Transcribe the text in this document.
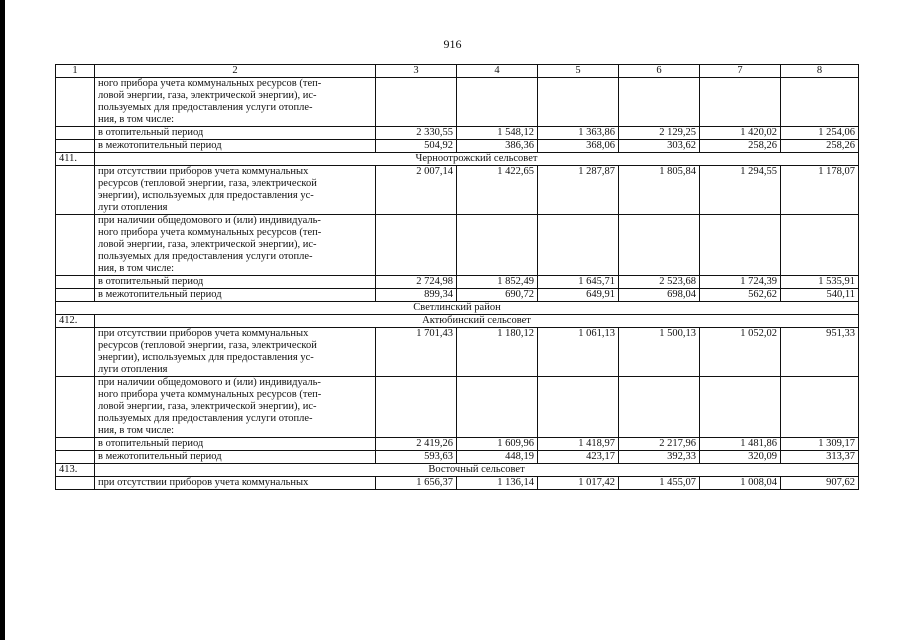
916
1	2	3	4	5	6	7	8

	ного прибора учета коммунальных ресурсов (теп-
ловой энергии, газа, электрической энергии), ис-
пользуемых для предоставления услуги отопле-
ния, в том числе:						

	в отопительный период	2 330,55	1 548,12	1 363,86	2 129,25	1 420,02	1 254,06

	в межотопительный период	504,92	386,36	368,06	303,62	258,26	258,26
411.	Черноотрожский сельсовет						

	при отсутствии приборов учета коммунальных
ресурсов (тепловой энергии, газа, электрической
энергии), используемых для предоставления ус-
луги отопления	2 007,14	1 422,65	1 287,87	1 805,84	1 294,55	1 178,07

	при наличии общедомового и (или) индивидуаль-
ного прибора учета коммунальных ресурсов (теп-
ловой энергии, газа, электрической энергии), ис-
пользуемых для предоставления услуги отопле-
ния, в том числе:						

	в отопительный период	2 724,98	1 852,49	1 645,71	2 523,68	1 724,39	1 535,91

	в межотопительный период	899,34	690,72	649,91	698,04	562,62	540,11
Светлинский район							
412.	Актюбинский сельсовет						

	при отсутствии приборов учета коммунальных
ресурсов (тепловой энергии, газа, электрической
энергии), используемых для предоставления ус-
луги отопления	1 701,43	1 180,12	1 061,13	1 500,13	1 052,02	951,33

	при наличии общедомового и (или) индивидуаль-
ного прибора учета коммунальных ресурсов (теп-
ловой энергии, газа, электрической энергии), ис-
пользуемых для предоставления услуги отопле-
ния, в том числе:						

	в отопительный период	2 419,26	1 609,96	1 418,97	2 217,96	1 481,86	1 309,17

	в межотопительный период	593,63	448,19	423,17	392,33	320,09	313,37
413.	Восточный сельсовет						

	при отсутствии приборов учета коммунальных	1 656,37	1 136,14	1 017,42	1 455,07	1 008,04	907,62
